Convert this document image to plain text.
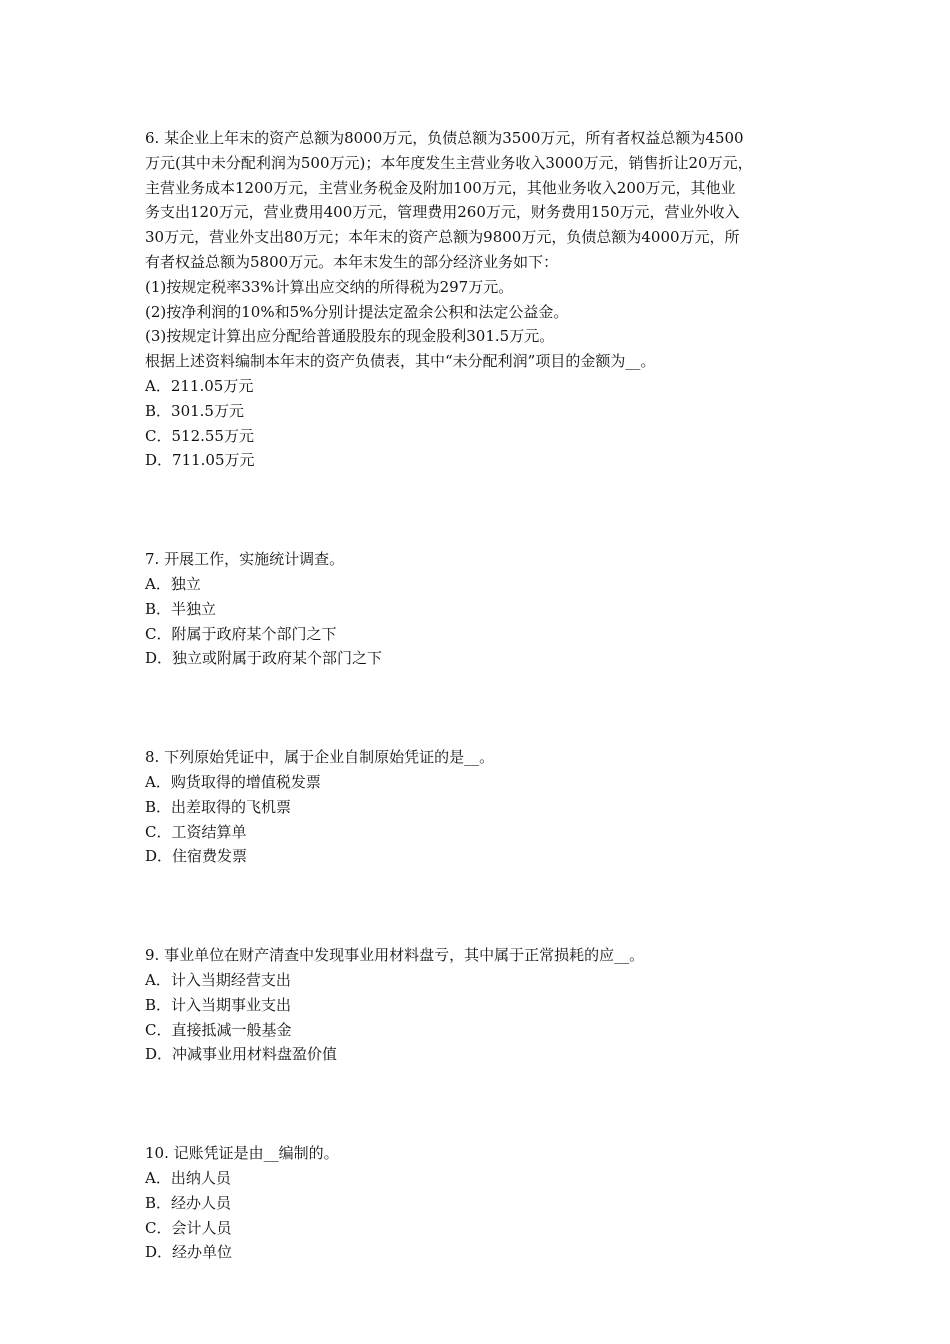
6. 某企业上年末的资产总额为8000万元，负债总额为3500万元，所有者权益总额为4500

万元(其中未分配利润为500万元)；本年度发生主营业务收入3000万元，销售折让20万元，

主营业务成本1200万元，主营业务税金及附加100万元，其他业务收入200万元，其他业

务支出120万元，营业费用400万元，管理费用260万元，财务费用150万元，营业外收入

30万元，营业外支出80万元；本年末的资产总额为9800万元，负债总额为4000万元，所

有者权益总额为5800万元。本年末发生的部分经济业务如下：

(1)按规定税率33%计算出应交纳的所得税为297万元。

(2)按净利润的10%和5%分别计提法定盈余公积和法定公益金。

(3)按规定计算出应分配给普通股股东的现金股利301.5万元。

根据上述资料编制本年末的资产负债表，其中“未分配利润”项目的金额为__。

A．211.05万元

B．301.5万元

C．512.55万元

D．711.05万元

7. 开展工作，实施统计调查。

A．独立

B．半独立

C．附属于政府某个部门之下

D．独立或附属于政府某个部门之下

8. 下列原始凭证中，属于企业自制原始凭证的是__。

A．购货取得的增值税发票

B．出差取得的飞机票

C．工资结算单

D．住宿费发票

9. 事业单位在财产清查中发现事业用材料盘亏，其中属于正常损耗的应__。

A．计入当期经营支出

B．计入当期事业支出

C．直接抵减一般基金

D．冲减事业用材料盘盈价值

10. 记账凭证是由__编制的。

A．出纳人员

B．经办人员

C．会计人员

D．经办单位
